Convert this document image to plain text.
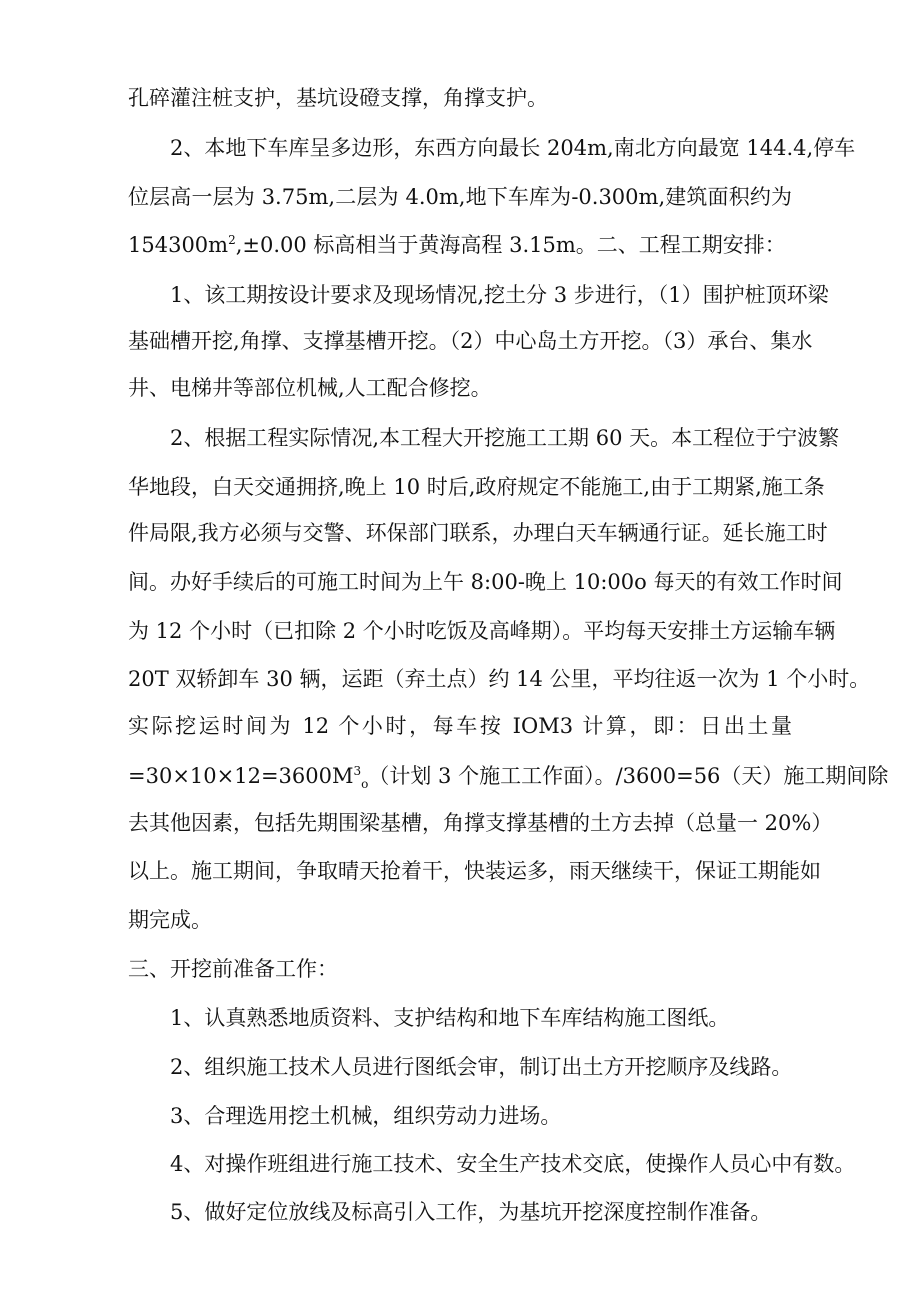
孔碎灌注桩支护，基坑设磴支撑，角撑支护。
2、本地下车库呈多边形，东西方向最长 204m,南北方向最宽 144.4,停车
位层高一层为 3.75m,二层为 4.0m,地下车库为-0.300m,建筑面积约为
$154300m^2,\pm 0.00$ 标高相当于黄海高程 3.15m。二、工程工期安排：
1、该工期按设计要求及现场情况,挖土分 3 步进行，（1）围护桩顶环梁
基础槽开挖,角撑、支撑基槽开挖。（2）中心岛土方开挖。（3）承台、集水
井、电梯井等部位机械,人工配合修挖。
2、根据工程实际情况,本工程大开挖施工工期 60 天。本工程位于宁波繁
华地段，白天交通拥挤,晚上 10 时后,政府规定不能施工,由于工期紧,施工条
件局限,我方必须与交警、环保部门联系，办理白天车辆通行证。延长施工时
间。办好手续后的可施工时间为上午 8:00-晚上 10:00o 每天的有效工作时间
为 12 个小时（已扣除 2 个小时吃饭及高峰期）。平均每天安排土方运输车辆
20T 双轿卸车 30 辆，运距（弃土点）约 14 公里，平均往返一次为 1 个小时。
实际挖运时间为 12 个小时，每车按 IOM3 计算，即：日出土量
$=30\times 10\times 12=3600M^3_o$（计划 3 个施工工作面）。/3600=56（天）施工期间除
去其他因素，包括先期围梁基槽，角撑支撑基槽的土方去掉（总量一 20%）
以上。施工期间，争取晴天抢着干，快装运多，雨天继续干，保证工期能如
期完成。
三、开挖前准备工作：
1、认真熟悉地质资料、支护结构和地下车库结构施工图纸。
2、组织施工技术人员进行图纸会审，制订出土方开挖顺序及线路。
3、合理选用挖土机械，组织劳动力进场。
4、对操作班组进行施工技术、安全生产技术交底，使操作人员心中有数。
5、做好定位放线及标高引入工作，为基坑开挖深度控制作准备。
